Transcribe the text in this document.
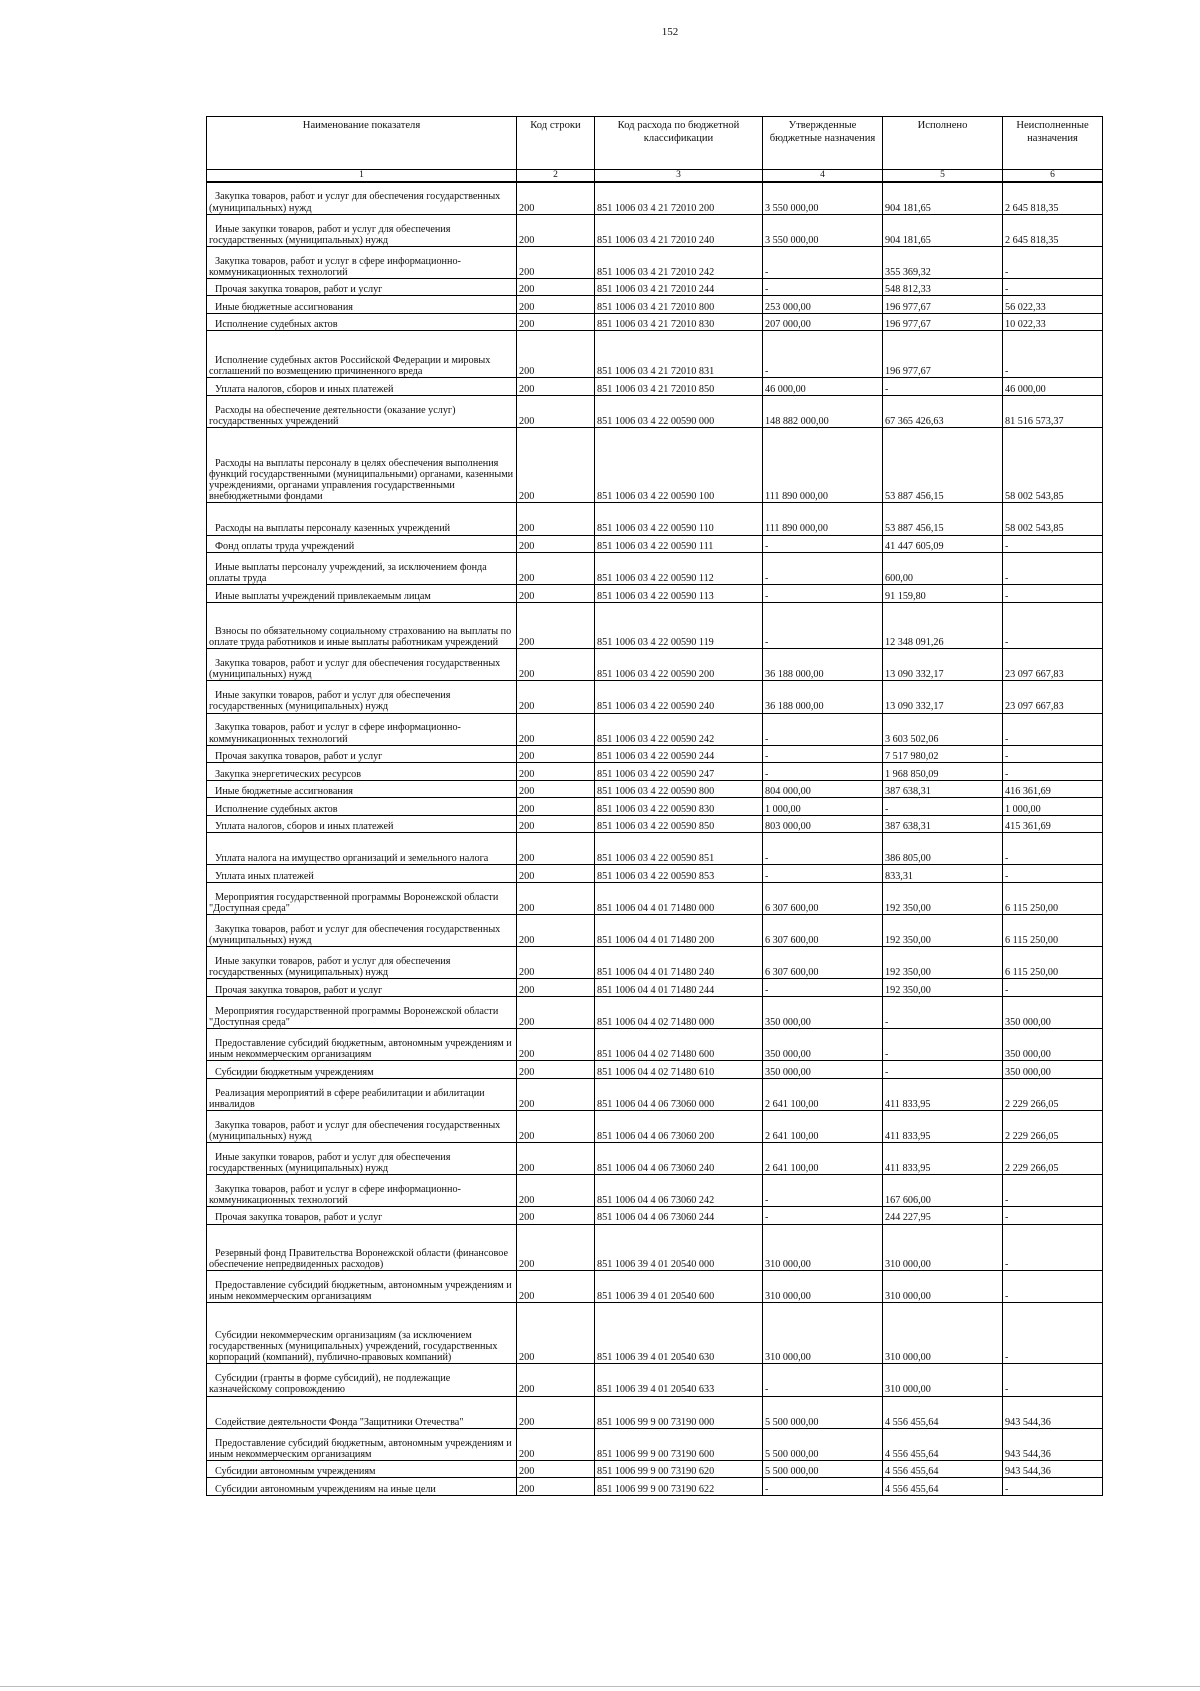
152
Наименование показателя	Код строки	Код расхода по бюджетной классификации	Утвержденные бюджетные назначения	Исполнено	Неисполненные назначения
1	2	3	4	5	6
Закупка товаров, работ и услуг для обеспечения государственных (муниципальных) нужд	200	851 1006 03 4 21 72010 200	3 550 000,00	904 181,65	2 645 818,35
Иные закупки товаров, работ и услуг для обеспечения государственных (муниципальных) нужд	200	851 1006 03 4 21 72010 240	3 550 000,00	904 181,65	2 645 818,35
Закупка товаров, работ и услуг в сфере информационно-коммуникационных технологий	200	851 1006 03 4 21 72010 242	-	355 369,32	-
Прочая закупка товаров, работ и услуг	200	851 1006 03 4 21 72010 244	-	548 812,33	-
Иные бюджетные ассигнования	200	851 1006 03 4 21 72010 800	253 000,00	196 977,67	56 022,33
Исполнение судебных актов	200	851 1006 03 4 21 72010 830	207 000,00	196 977,67	10 022,33
Исполнение судебных актов Российской Федерации и мировых соглашений по возмещению причиненного вреда	200	851 1006 03 4 21 72010 831	-	196 977,67	-
Уплата налогов, сборов и иных платежей	200	851 1006 03 4 21 72010 850	46 000,00	-	46 000,00
Расходы на обеспечение деятельности (оказание услуг) государственных учреждений	200	851 1006 03 4 22 00590 000	148 882 000,00	67 365 426,63	81 516 573,37
Расходы на выплаты персоналу в целях обеспечения выполнения функций государственными (муниципальными) органами, казенными учреждениями, органами управления государственными внебюджетными фондами	200	851 1006 03 4 22 00590 100	111 890 000,00	53 887 456,15	58 002 543,85
Расходы на выплаты персоналу казенных учреждений	200	851 1006 03 4 22 00590 110	111 890 000,00	53 887 456,15	58 002 543,85
Фонд оплаты труда учреждений	200	851 1006 03 4 22 00590 111	-	41 447 605,09	-
Иные выплаты персоналу учреждений, за исключением фонда оплаты труда	200	851 1006 03 4 22 00590 112	-	600,00	-
Иные выплаты учреждений привлекаемым лицам	200	851 1006 03 4 22 00590 113	-	91 159,80	-
Взносы по обязательному социальному страхованию на выплаты по оплате труда работников и иные выплаты работникам учреждений	200	851 1006 03 4 22 00590 119	-	12 348 091,26	-
Закупка товаров, работ и услуг для обеспечения государственных (муниципальных) нужд	200	851 1006 03 4 22 00590 200	36 188 000,00	13 090 332,17	23 097 667,83
Иные закупки товаров, работ и услуг для обеспечения государственных (муниципальных) нужд	200	851 1006 03 4 22 00590 240	36 188 000,00	13 090 332,17	23 097 667,83
Закупка товаров, работ и услуг в сфере информационно-коммуникационных технологий	200	851 1006 03 4 22 00590 242	-	3 603 502,06	-
Прочая закупка товаров, работ и услуг	200	851 1006 03 4 22 00590 244	-	7 517 980,02	-
Закупка энергетических ресурсов	200	851 1006 03 4 22 00590 247	-	1 968 850,09	-
Иные бюджетные ассигнования	200	851 1006 03 4 22 00590 800	804 000,00	387 638,31	416 361,69
Исполнение судебных актов	200	851 1006 03 4 22 00590 830	1 000,00	-	1 000,00
Уплата налогов, сборов и иных платежей	200	851 1006 03 4 22 00590 850	803 000,00	387 638,31	415 361,69
Уплата налога на имущество организаций и земельного налога	200	851 1006 03 4 22 00590 851	-	386 805,00	-
Уплата иных платежей	200	851 1006 03 4 22 00590 853	-	833,31	-
Мероприятия государственной программы Воронежской области "Доступная среда"	200	851 1006 04 4 01 71480 000	6 307 600,00	192 350,00	6 115 250,00
Закупка товаров, работ и услуг для обеспечения государственных (муниципальных) нужд	200	851 1006 04 4 01 71480 200	6 307 600,00	192 350,00	6 115 250,00
Иные закупки товаров, работ и услуг для обеспечения государственных (муниципальных) нужд	200	851 1006 04 4 01 71480 240	6 307 600,00	192 350,00	6 115 250,00
Прочая закупка товаров, работ и услуг	200	851 1006 04 4 01 71480 244	-	192 350,00	-
Мероприятия государственной программы Воронежской области "Доступная среда"	200	851 1006 04 4 02 71480 000	350 000,00	-	350 000,00
Предоставление субсидий бюджетным, автономным учреждениям и иным некоммерческим организациям	200	851 1006 04 4 02 71480 600	350 000,00	-	350 000,00
Субсидии бюджетным учреждениям	200	851 1006 04 4 02 71480 610	350 000,00	-	350 000,00
Реализация мероприятий в сфере реабилитации и абилитации инвалидов	200	851 1006 04 4 06 73060 000	2 641 100,00	411 833,95	2 229 266,05
Закупка товаров, работ и услуг для обеспечения государственных (муниципальных) нужд	200	851 1006 04 4 06 73060 200	2 641 100,00	411 833,95	2 229 266,05
Иные закупки товаров, работ и услуг для обеспечения государственных (муниципальных) нужд	200	851 1006 04 4 06 73060 240	2 641 100,00	411 833,95	2 229 266,05
Закупка товаров, работ и услуг в сфере информационно-коммуникационных технологий	200	851 1006 04 4 06 73060 242	-	167 606,00	-
Прочая закупка товаров, работ и услуг	200	851 1006 04 4 06 73060 244	-	244 227,95	-
Резервный фонд Правительства Воронежской области (финансовое обеспечение непредвиденных расходов)	200	851 1006 39 4 01 20540 000	310 000,00	310 000,00	-
Предоставление субсидий бюджетным, автономным учреждениям и иным некоммерческим организациям	200	851 1006 39 4 01 20540 600	310 000,00	310 000,00	-
Субсидии некоммерческим организациям (за исключением государственных (муниципальных) учреждений, государственных корпораций (компаний), публично-правовых компаний)	200	851 1006 39 4 01 20540 630	310 000,00	310 000,00	-
Субсидии (гранты в форме субсидий), не подлежащие казначейскому сопровождению	200	851 1006 39 4 01 20540 633	-	310 000,00	-
Содействие деятельности Фонда "Защитники Отечества"	200	851 1006 99 9 00 73190 000	5 500 000,00	4 556 455,64	943 544,36
Предоставление субсидий бюджетным, автономным учреждениям и иным некоммерческим организациям	200	851 1006 99 9 00 73190 600	5 500 000,00	4 556 455,64	943 544,36
Субсидии автономным учреждениям	200	851 1006 99 9 00 73190 620	5 500 000,00	4 556 455,64	943 544,36
Субсидии автономным учреждениям на иные цели	200	851 1006 99 9 00 73190 622	-	4 556 455,64	-
